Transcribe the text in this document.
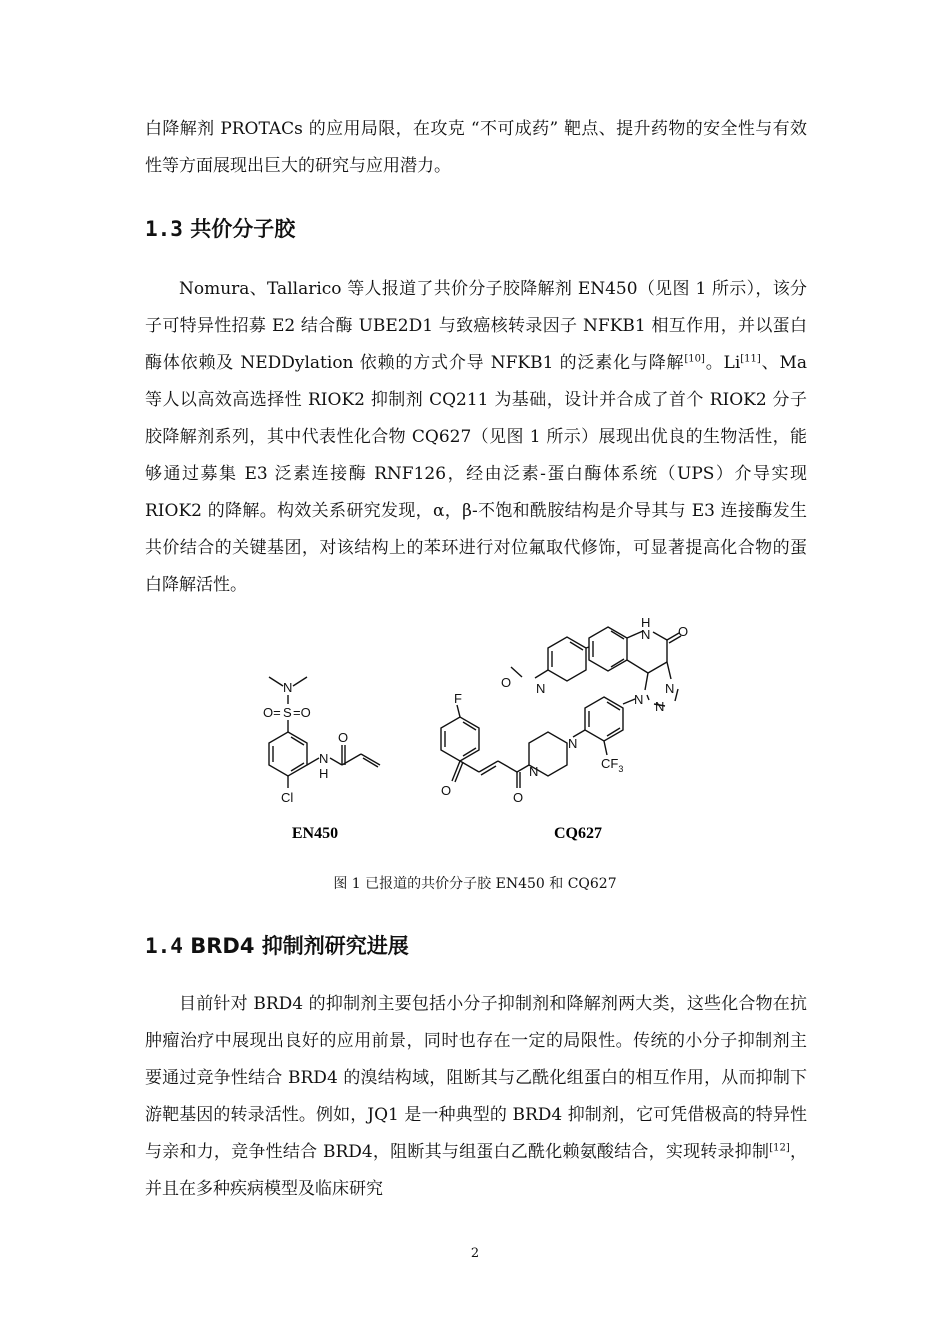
白降解剂 PROTACs 的应用局限，在攻克 “不可成药” 靶点、提升药物的安全性与有效性等方面展现出巨大的研究与应用潜力。

1.3 共价分子胶

Nomura、Tallarico 等人报道了共价分子胶降解剂 EN450（见图 1 所示），该分子可特异性招募 E2 结合酶 UBE2D1 与致癌核转录因子 NFKB1 相互作用，并以蛋白酶体依赖及 NEDDylation 依赖的方式介导 NFKB1 的泛素化与降解[10]。Li[11]、Ma 等人以高效高选择性 RIOK2 抑制剂 CQ211 为基础，设计并合成了首个 RIOK2 分子胶降解剂系列，其中代表性化合物 CQ627（见图 1 所示）展现出优良的生物活性，能够通过募集 E3 泛素连接酶 RNF126，经由泛素-蛋白酶体系统（UPS）介导实现 RIOK2 的降解。构效关系研究发现，α，β-不饱和酰胺结构是介导其与 E3 连接酶发生共价结合的关键基团，对该结构上的苯环进行对位氟取代修饰，可显著提高化合物的蛋白降解活性。

N
O= S =O
Cl
N
H
O
H
N O
N
N
N
N
O
F
N
N
$CF_3$
O
O
EN450	CQ627

图 1 已报道的共价分子胶 EN450 和 CQ627

1.4 BRD4 抑制剂研究进展

目前针对 BRD4 的抑制剂主要包括小分子抑制剂和降解剂两大类，这些化合物在抗肿瘤治疗中展现出良好的应用前景，同时也存在一定的局限性。传统的小分子抑制剂主要通过竞争性结合 BRD4 的溴结构域，阻断其与乙酰化组蛋白的相互作用，从而抑制下游靶基因的转录活性。例如，JQ1 是一种典型的 BRD4 抑制剂，它可凭借极高的特异性与亲和力，竞争性结合 BRD4，阻断其与组蛋白乙酰化赖氨酸结合，实现转录抑制[12]，并且在多种疾病模型及临床研究

2
